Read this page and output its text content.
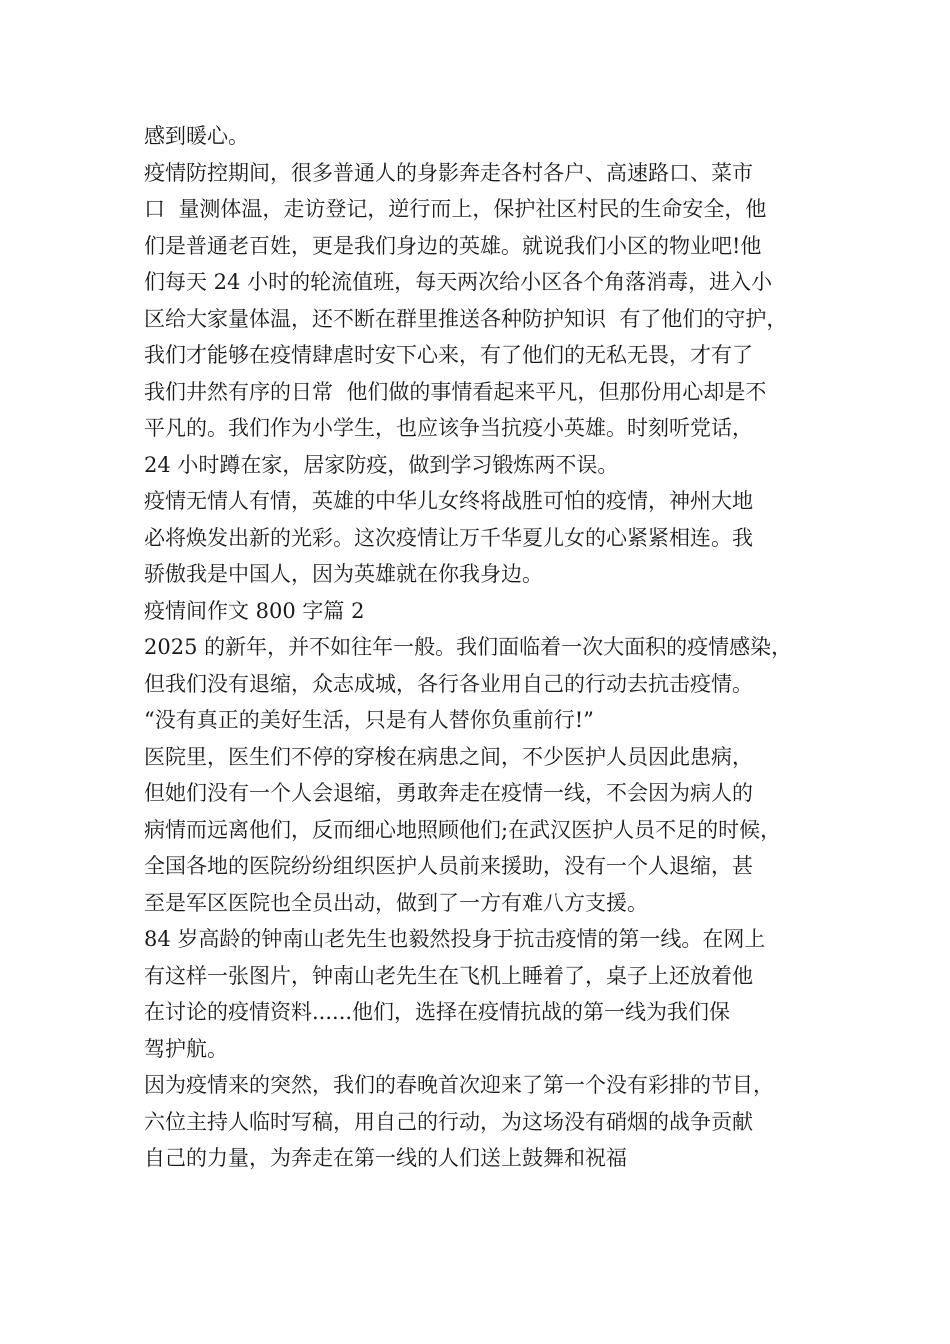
感到暖心。
疫情防控期间，很多普通人的身影奔走各村各户、高速路口、菜市
口  量测体温，走访登记，逆行而上，保护社区村民的生命安全，他
们是普通老百姓，更是我们身边的英雄。就说我们小区的物业吧!他
们每天 24 小时的轮流值班，每天两次给小区各个角落消毒，进入小
区给大家量体温，还不断在群里推送各种防护知识  有了他们的守护，
我们才能够在疫情肆虐时安下心来，有了他们的无私无畏，才有了
我们井然有序的日常  他们做的事情看起来平凡，但那份用心却是不
平凡的。我们作为小学生，也应该争当抗疫小英雄。时刻听党话，
24 小时蹲在家，居家防疫，做到学习锻炼两不误。
疫情无情人有情，英雄的中华儿女终将战胜可怕的疫情，神州大地
必将焕发出新的光彩。这次疫情让万千华夏儿女的心紧紧相连。我
骄傲我是中国人，因为英雄就在你我身边。
疫情间作文 800 字篇 2
2025 的新年，并不如往年一般。我们面临着一次大面积的疫情感染，
但我们没有退缩，众志成城，各行各业用自己的行动去抗击疫情。
“没有真正的美好生活，只是有人替你负重前行!”
医院里，医生们不停的穿梭在病患之间，不少医护人员因此患病，
但她们没有一个人会退缩，勇敢奔走在疫情一线，不会因为病人的
病情而远离他们，反而细心地照顾他们;在武汉医护人员不足的时候，
全国各地的医院纷纷组织医护人员前来援助，没有一个人退缩，甚
至是军区医院也全员出动，做到了一方有难八方支援。
84 岁高龄的钟南山老先生也毅然投身于抗击疫情的第一线。在网上
有这样一张图片，钟南山老先生在飞机上睡着了，桌子上还放着他
在讨论的疫情资料......他们，选择在疫情抗战的第一线为我们保
驾护航。
因为疫情来的突然，我们的春晚首次迎来了第一个没有彩排的节目，
六位主持人临时写稿，用自己的行动，为这场没有硝烟的战争贡献
自己的力量，为奔走在第一线的人们送上鼓舞和祝福
